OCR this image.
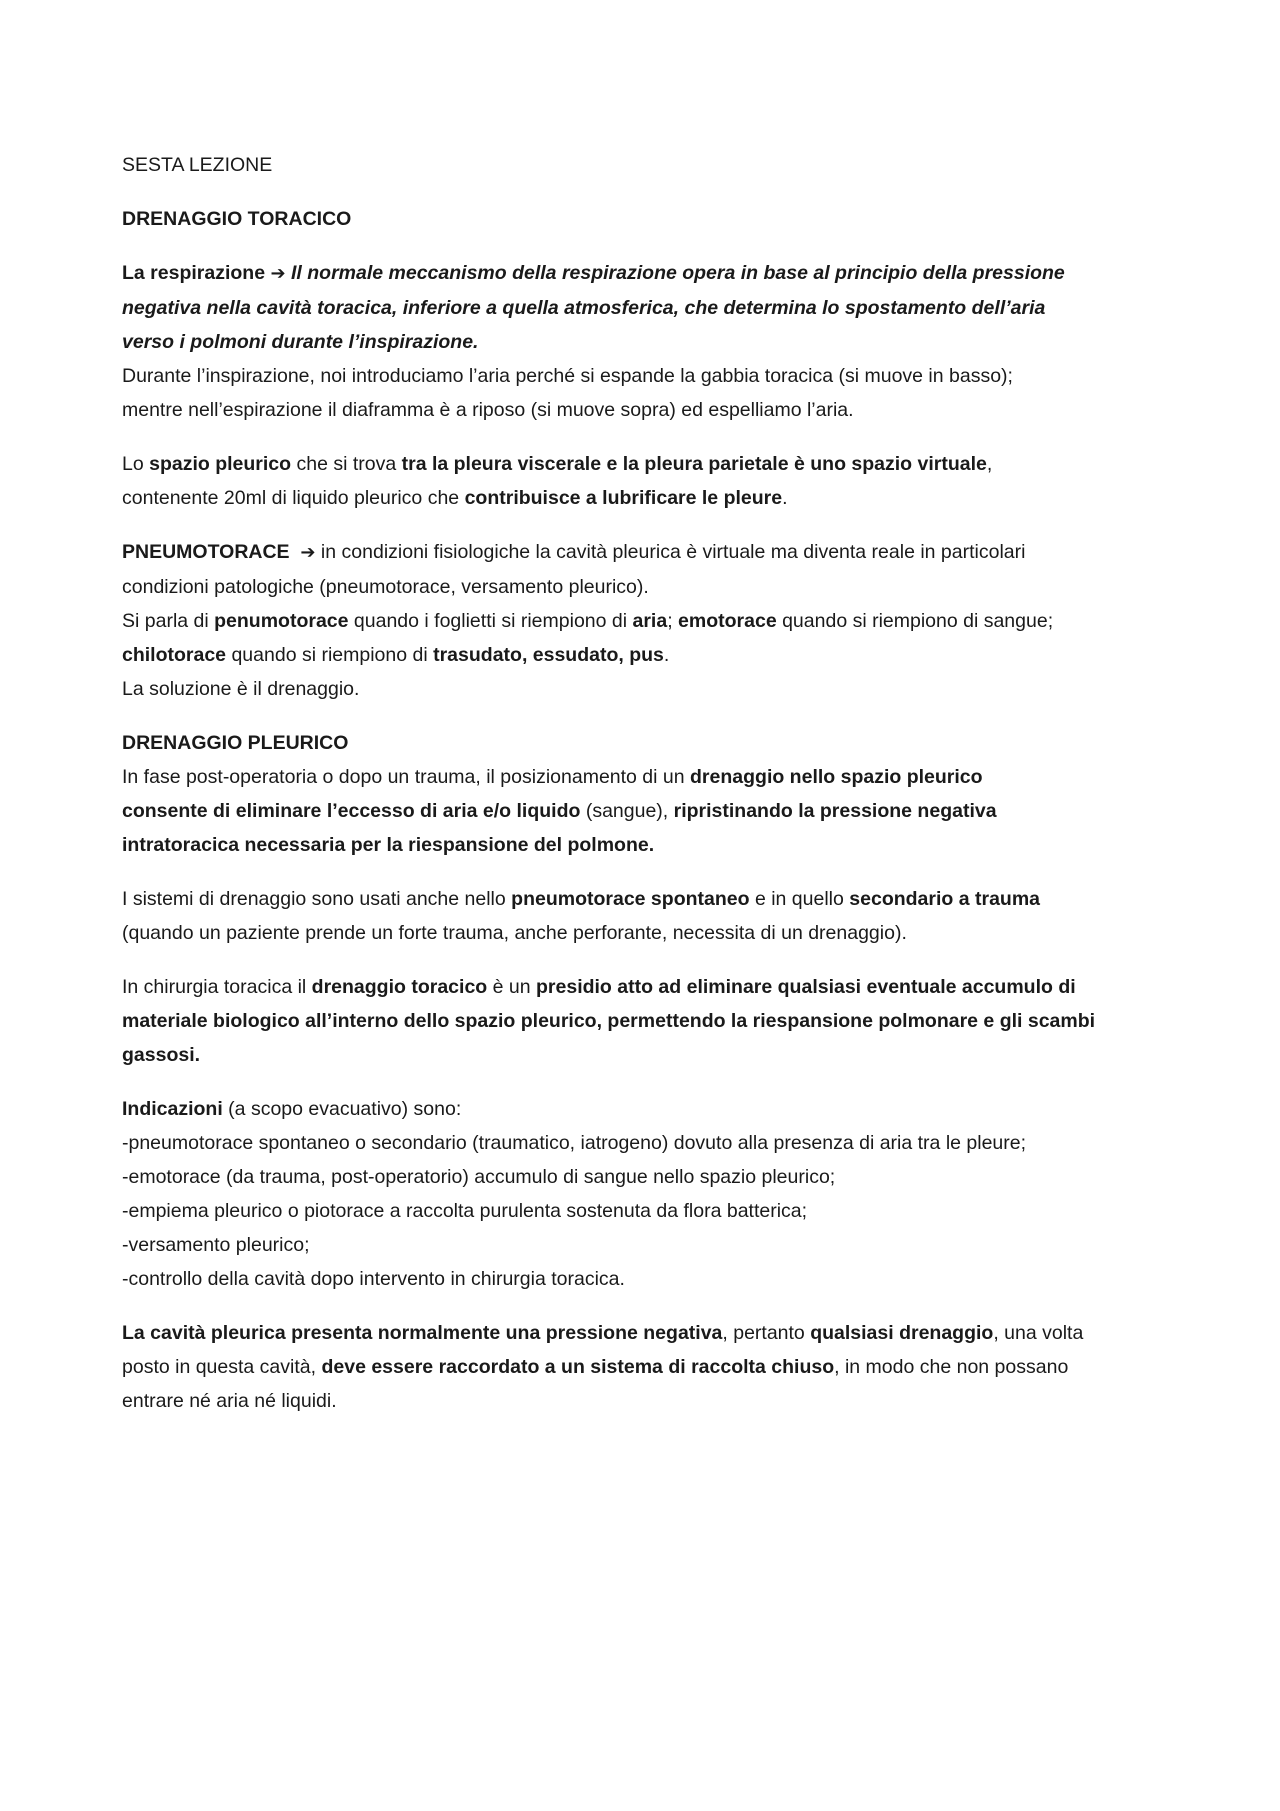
SESTA LEZIONE

DRENAGGIO TORACICO

La respirazione ➔ Il normale meccanismo della respirazione opera in base al principio della pressione
negativa nella cavità toracica, inferiore a quella atmosferica, che determina lo spostamento dell’aria
verso i polmoni durante l’inspirazione.
Durante l’inspirazione, noi introduciamo l’aria perché si espande la gabbia toracica (si muove in basso);
mentre nell’espirazione il diaframma è a riposo (si muove sopra) ed espelliamo l’aria.

Lo spazio pleurico che si trova tra la pleura viscerale e la pleura parietale è uno spazio virtuale,
contenente 20ml di liquido pleurico che contribuisce a lubrificare le pleure.

PNEUMOTORACE ➔ in condizioni fisiologiche la cavità pleurica è virtuale ma diventa reale in particolari
condizioni patologiche (pneumotorace, versamento pleurico).
Si parla di penumotorace quando i foglietti si riempiono di aria; emotorace quando si riempiono di sangue;
chilotorace quando si riempiono di trasudato, essudato, pus.
La soluzione è il drenaggio.

DRENAGGIO PLEURICO
In fase post-operatoria o dopo un trauma, il posizionamento di un drenaggio nello spazio pleurico
consente di eliminare l’eccesso di aria e/o liquido (sangue), ripristinando la pressione negativa
intratoracica necessaria per la riespansione del polmone.

I sistemi di drenaggio sono usati anche nello pneumotorace spontaneo e in quello secondario a trauma
(quando un paziente prende un forte trauma, anche perforante, necessita di un drenaggio).

In chirurgia toracica il drenaggio toracico è un presidio atto ad eliminare qualsiasi eventuale accumulo di
materiale biologico all’interno dello spazio pleurico, permettendo la riespansione polmonare e gli scambi
gassosi.

Indicazioni (a scopo evacuativo) sono:
-pneumotorace spontaneo o secondario (traumatico, iatrogeno) dovuto alla presenza di aria tra le pleure;
-emotorace (da trauma, post-operatorio) accumulo di sangue nello spazio pleurico;
-empiema pleurico o piotorace a raccolta purulenta sostenuta da flora batterica;
-versamento pleurico;
-controllo della cavità dopo intervento in chirurgia toracica.

La cavità pleurica presenta normalmente una pressione negativa, pertanto qualsiasi drenaggio, una volta
posto in questa cavità, deve essere raccordato a un sistema di raccolta chiuso, in modo che non possano
entrare né aria né liquidi.
